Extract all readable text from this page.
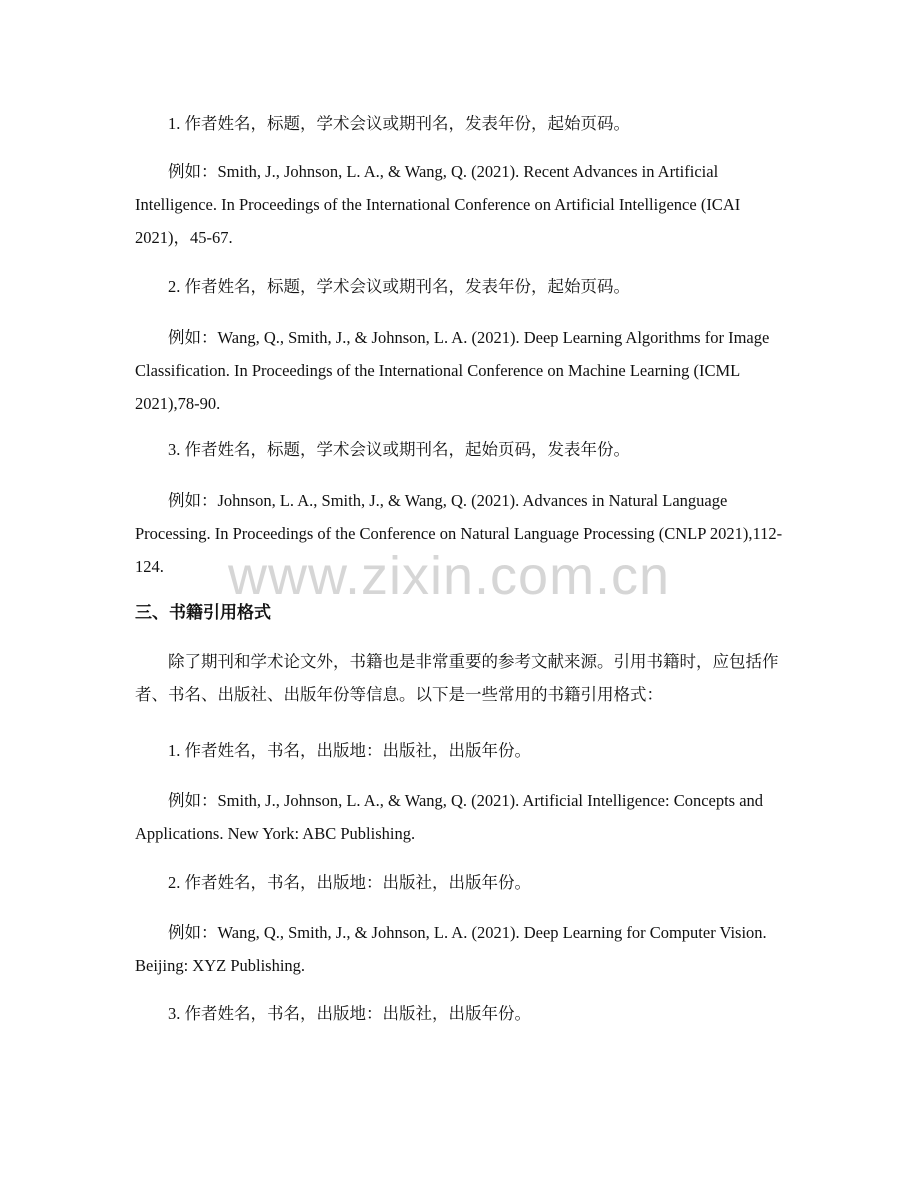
1. 作者姓名，标题，学术会议或期刊名，发表年份，起始页码。

例如：Smith, J., Johnson, L. A., & Wang, Q. (2021). Recent Advances in Artificial Intelligence. In Proceedings of the International Conference on Artificial Intelligence (ICAI 2021)，45-67.

2. 作者姓名，标题，学术会议或期刊名，发表年份，起始页码。

例如：Wang, Q., Smith, J., & Johnson, L. A. (2021). Deep Learning Algorithms for Image Classification. In Proceedings of the International Conference on Machine Learning (ICML 2021),78-90.

3. 作者姓名，标题，学术会议或期刊名，起始页码，发表年份。

例如：Johnson, L. A., Smith, J., & Wang, Q. (2021). Advances in Natural Language Processing. In Proceedings of the Conference on Natural Language Processing (CNLP 2021),112-124.	www.zixin.com.cn
三、书籍引用格式

除了期刊和学术论文外，书籍也是非常重要的参考文献来源。引用书籍时，应包括作者、书名、出版社、出版年份等信息。以下是一些常用的书籍引用格式：

1. 作者姓名，书名，出版地：出版社，出版年份。

例如：Smith, J., Johnson, L. A., & Wang, Q. (2021). Artificial Intelligence: Concepts and Applications. New York: ABC Publishing.

2. 作者姓名，书名，出版地：出版社，出版年份。

例如：Wang, Q., Smith, J., & Johnson, L. A. (2021). Deep Learning for Computer Vision. Beijing: XYZ Publishing.

3. 作者姓名，书名，出版地：出版社，出版年份。
